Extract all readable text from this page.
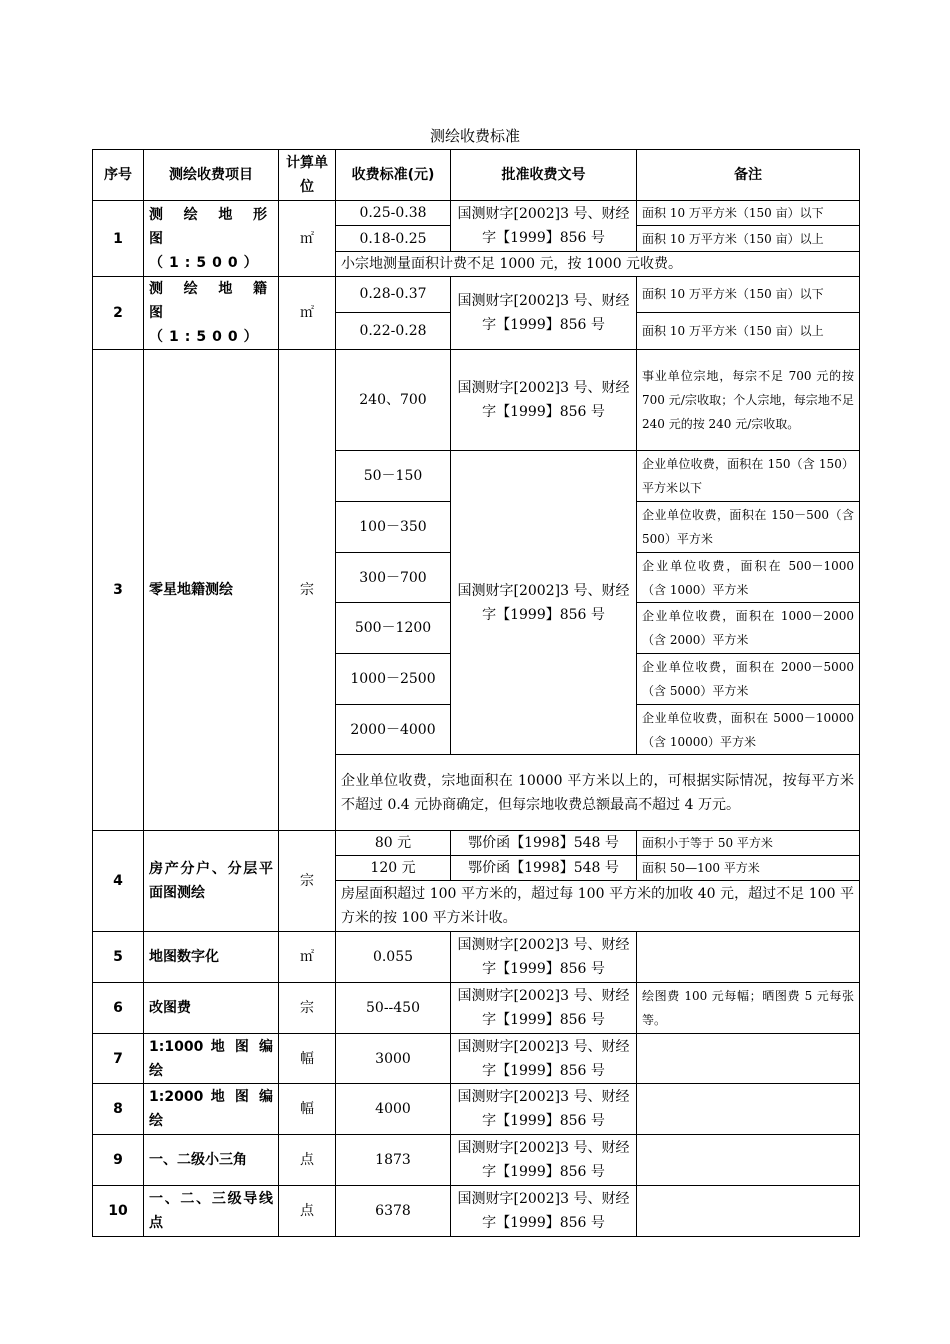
测绘收费标准
序号	测绘收费项目	计算单位	收费标准(元)	批准收费文号	备注
1	测 绘 地 形 图（1:500）	㎡	0.25-0.38	国测财字[2002]3 号、财经字【1999】856 号	面积 10 万平方米（150 亩）以下
			0.18-0.25		面积 10 万平方米（150 亩）以上
			小宗地测量面积计费不足 1000 元，按 1000 元收费。		
2	测 绘 地 籍 图（1:500）	㎡	0.28-0.37	国测财字[2002]3 号、财经字【1999】856 号	面积 10 万平方米（150 亩）以下
			0.22-0.28		面积 10 万平方米（150 亩）以上
3	零星地籍测绘	宗	240、700	国测财字[2002]3 号、财经字【1999】856 号	事业单位宗地，每宗不足 700 元的按 700 元/宗收取；个人宗地，每宗地不足 240 元的按 240 元/宗收取。
			50－150	国测财字[2002]3 号、财经字【1999】856 号	企业单位收费，面积在 150（含 150）平方米以下
			100－350		企业单位收费，面积在 150－500（含 500）平方米
			300－700		企业单位收费，面积在 500－1000（含 1000）平方米
			500－1200		企业单位收费，面积在 1000－2000（含 2000）平方米
			1000－2500		企业单位收费，面积在 2000－5000（含 5000）平方米
			2000－4000		企业单位收费，面积在 5000－10000（含 10000）平方米
			企业单位收费，宗地面积在 10000 平方米以上的，可根据实际情况，按每平方米不超过 0.4 元协商确定，但每宗地收费总额最高不超过 4 万元。		
4	房产分户、分层平面图测绘	宗	80 元	鄂价函【1998】548 号	面积小于等于 50 平方米
			120 元	鄂价函【1998】548 号	面积 50—100 平方米
			房屋面积超过 100 平方米的，超过每 100 平方米的加收 40 元，超过不足 100 平方米的按 100 平方米计收。		
5	地图数字化	㎡	0.055	国测财字[2002]3 号、财经字【1999】856 号	
6	改图费	宗	50--450	国测财字[2002]3 号、财经字【1999】856 号	绘图费 100 元每幅；晒图费 5 元每张等。
7	1:1000 地 图 编 绘	幅	3000	国测财字[2002]3 号、财经字【1999】856 号	
8	1:2000 地 图 编 绘	幅	4000	国测财字[2002]3 号、财经字【1999】856 号	
9	一、二级小三角	点	1873	国测财字[2002]3 号、财经字【1999】856 号	
10	一、二、三级导线点	点	6378	国测财字[2002]3 号、财经字【1999】856 号	
